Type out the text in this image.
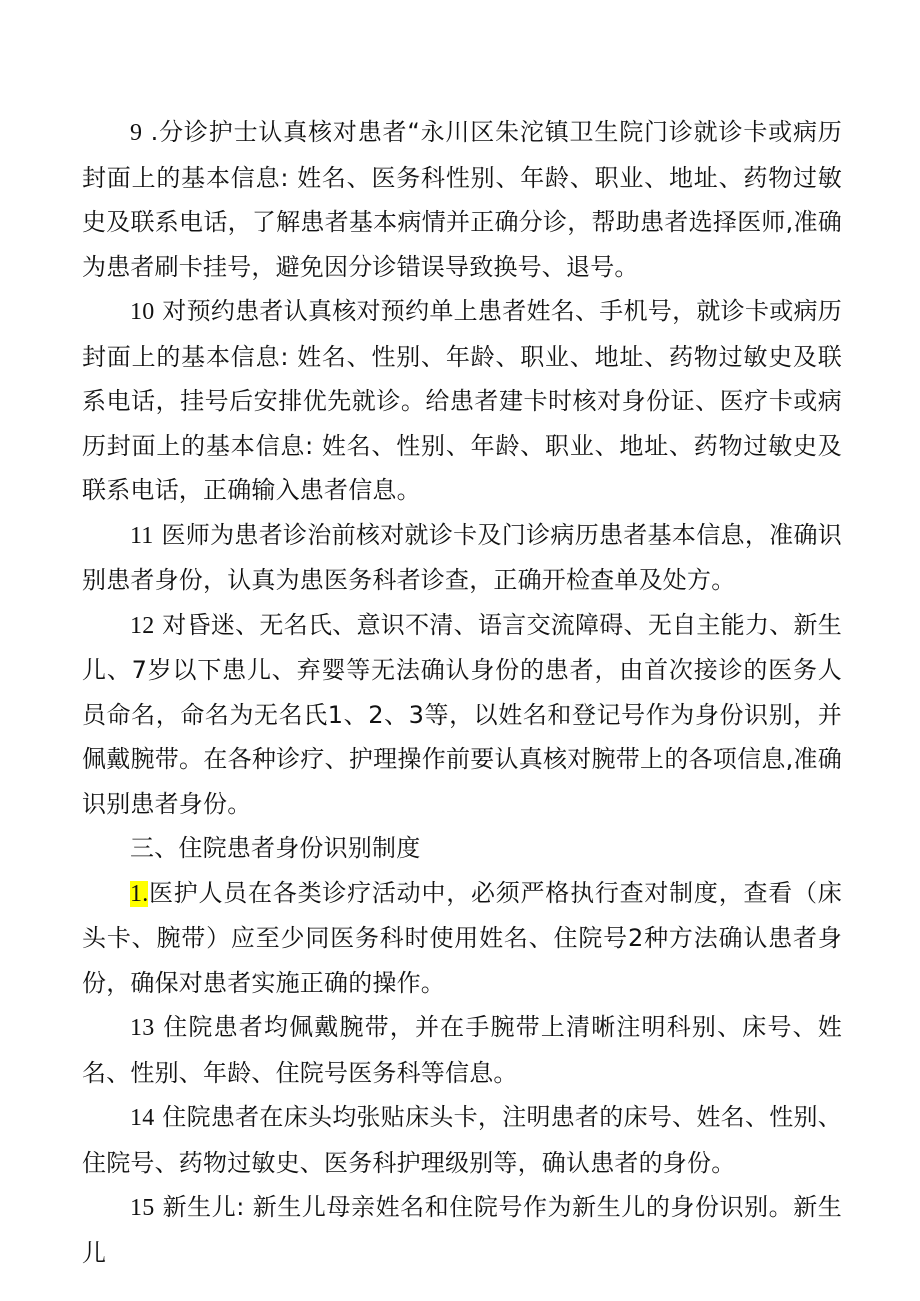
9 .分诊护士认真核对患者“永川区朱沱镇卫生院门诊就诊卡或病历封面上的基本信息: 姓名、医务科性别、年龄、职业、地址、药物过敏史及联系电话，了解患者基本病情并正确分诊，帮助患者选择医师,准确为患者刷卡挂号，避免因分诊错误导致换号、退号。

10 对预约患者认真核对预约单上患者姓名、手机号，就诊卡或病历封面上的基本信息: 姓名、性别、年龄、职业、地址、药物过敏史及联系电话，挂号后安排优先就诊。给患者建卡时核对身份证、医疗卡或病历封面上的基本信息: 姓名、性别、年龄、职业、地址、药物过敏史及联系电话，正确输入患者信息。

11 医师为患者诊治前核对就诊卡及门诊病历患者基本信息，准确识别患者身份，认真为患医务科者诊查，正确开检查单及处方。

12 对昏迷、无名氏、意识不清、语言交流障碍、无自主能力、新生儿、7岁以下患儿、弃婴等无法确认身份的患者，由首次接诊的医务人员命名，命名为无名氏1、2、3等，以姓名和登记号作为身份识别，并佩戴腕带。在各种诊疗、护理操作前要认真核对腕带上的各项信息,准确识别患者身份。

三、住院患者身份识别制度

1.医护人员在各类诊疗活动中，必须严格执行查对制度，查看（床头卡、腕带）应至少同医务科时使用姓名、住院号2种方法确认患者身份，确保对患者实施正确的操作。

13 住院患者均佩戴腕带，并在手腕带上清晰注明科别、床号、姓名、性别、年龄、住院号医务科等信息。

14 住院患者在床头均张贴床头卡，注明患者的床号、姓名、性别、住院号、药物过敏史、医务科护理级别等，确认患者的身份。

15 新生儿: 新生儿母亲姓名和住院号作为新生儿的身份识别。新生儿
